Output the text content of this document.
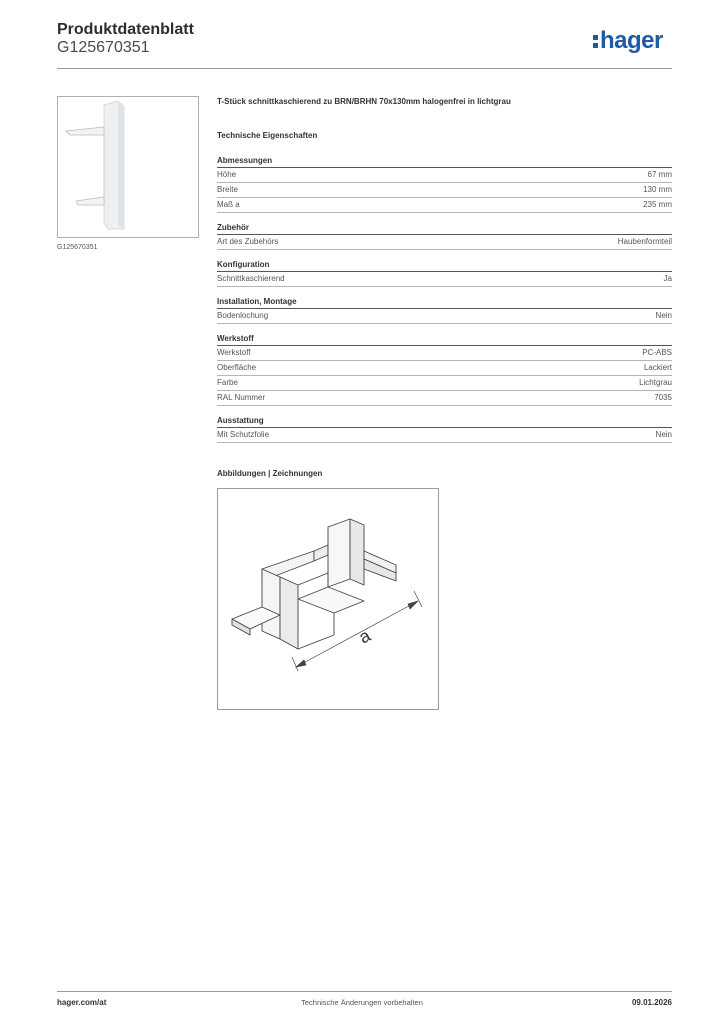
Produktdatenblatt
G125670351	hager
G125670351
T-Stück schnittkaschierend zu BRN/BRHN 70x130mm halogenfrei in lichtgrau
Technische Eigenschaften
Abmessungen
Höhe	67 mm
Breite	130 mm
Maß a	235 mm
Zubehör
Art des Zubehörs	Haubenformteil
Konfiguration
Schnittkaschierend	Ja
Installation, Montage
Bodenlochung	Nein
Werkstoff
Werkstoff	PC-ABS
Oberfläche	Lackiert
Farbe	Lichtgrau
RAL Nummer	7035
Ausstattung
Mit Schutzfolie	Nein
Abbildungen | Zeichnungen
a
hager.com/at	Technische Änderungen vorbehalten	09.01.2026
